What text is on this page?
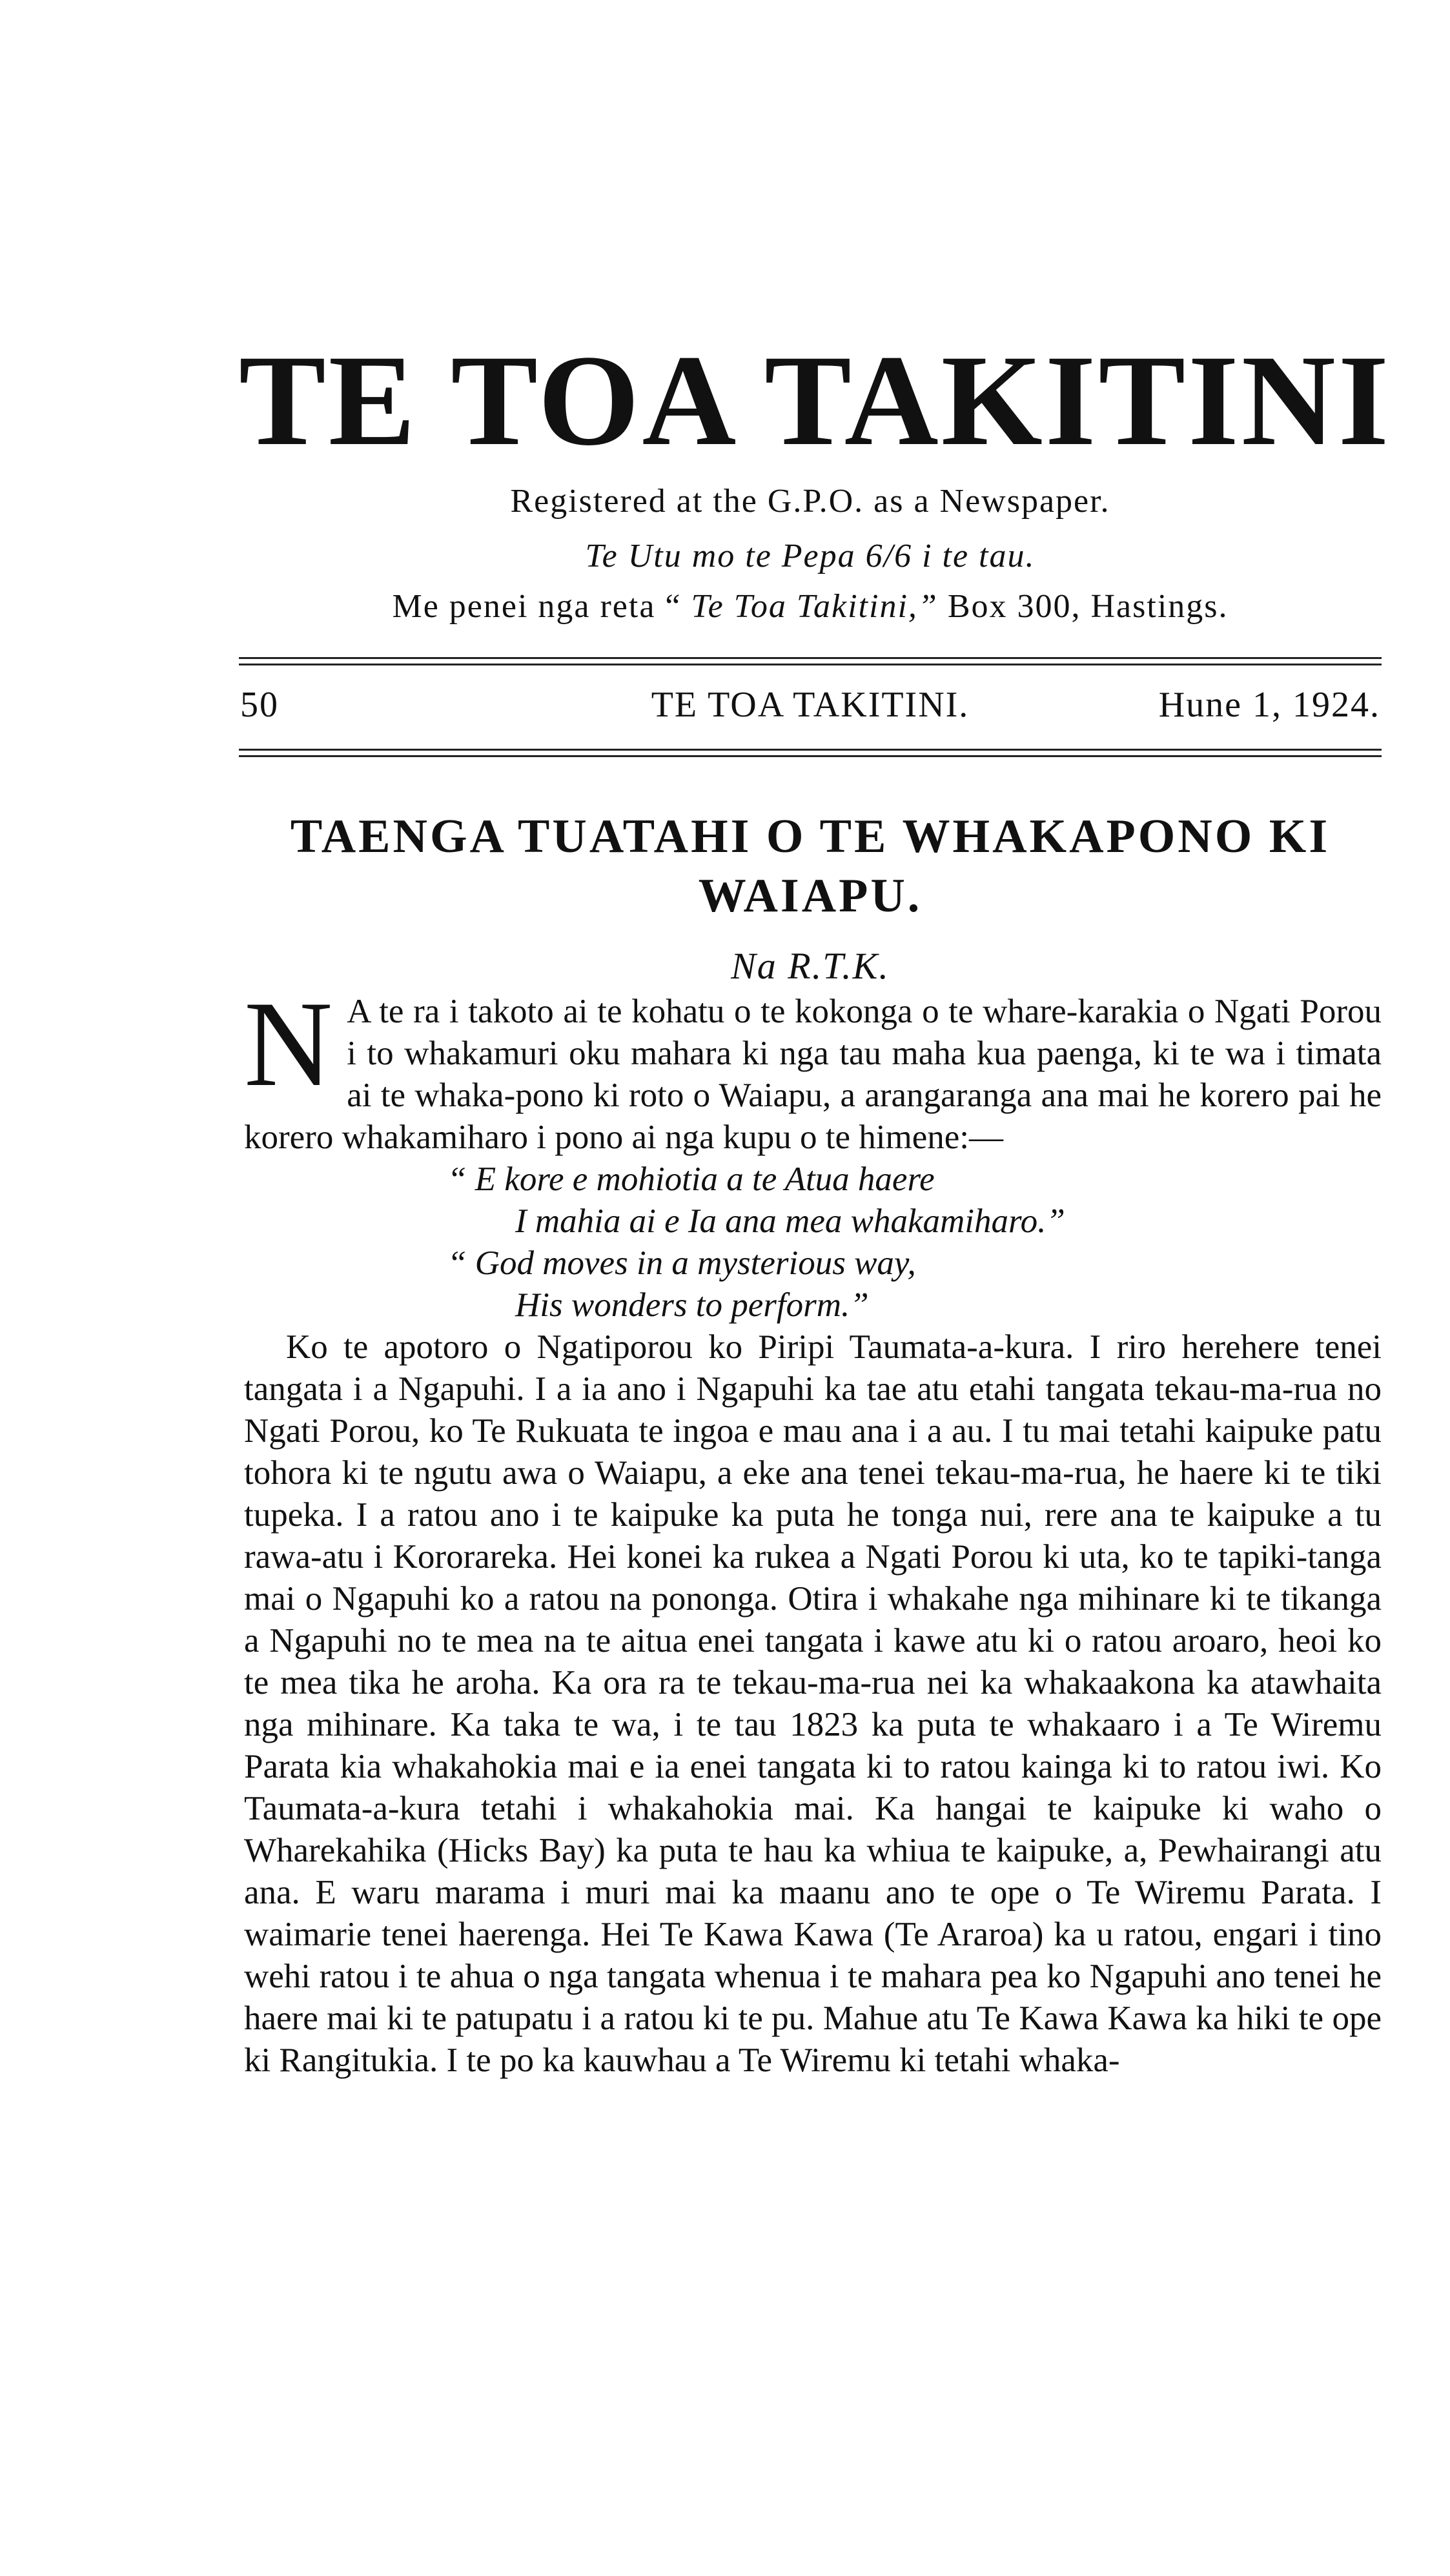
TE TOA TAKITINI
Registered at the G.P.O. as a Newspaper.
Te Utu mo te Pepa 6/6 i te tau.
Me penei nga reta “ Te Toa Takitini,” Box 300, Hastings.
50	TE TOA TAKITINI.	Hune 1, 1924.
TAENGA TUATAHI O TE WHAKAPONO KI WAIAPU.
Na R.T.K.

N A te ra i takoto ai te kohatu o te kokonga o te whare-karakia o Ngati Porou i to whakamuri oku mahara ki nga tau maha kua paenga, ki te wa i timata ai te whaka-pono ki roto o Waiapu, a arangaranga ana mai he korero pai he korero whakamiharo i pono ai nga kupu o te himene:—

“ E kore e mohiotia a te Atua haere
I mahia ai e Ia ana mea whakamiharo.”
“ God moves in a mysterious way,
His wonders to perform.”

Ko te apotoro o Ngatiporou ko Piripi Taumata-a-kura. I riro herehere tenei tangata i a Ngapuhi. I a ia ano i Ngapuhi ka tae atu etahi tangata tekau-ma-rua no Ngati Porou, ko Te Rukuata te ingoa e mau ana i a au. I tu mai tetahi kaipuke patu tohora ki te ngutu awa o Waiapu, a eke ana tenei tekau-ma-rua, he haere ki te tiki tupeka. I a ratou ano i te kaipuke ka puta he tonga nui, rere ana te kaipuke a tu rawa-atu i Kororareka. Hei konei ka rukea a Ngati Porou ki uta, ko te tapiki-tanga mai o Ngapuhi ko a ratou na pononga. Otira i whakahe nga mihinare ki te tikanga a Ngapuhi no te mea na te aitua enei tangata i kawe atu ki o ratou aroaro, heoi ko te mea tika he aroha. Ka ora ra te tekau-ma-rua nei ka whakaakona ka atawhaita nga mihinare. Ka taka te wa, i te tau 1823 ka puta te whakaaro i a Te Wiremu Parata kia whakahokia mai e ia enei tangata ki to ratou kainga ki to ratou iwi. Ko Taumata-a-kura tetahi i whakahokia mai. Ka hangai te kaipuke ki waho o Wharekahika (Hicks Bay) ka puta te hau ka whiua te kaipuke, a, Pewhairangi atu ana. E waru marama i muri mai ka maanu ano te ope o Te Wiremu Parata. I waimarie tenei haerenga. Hei Te Kawa Kawa (Te Araroa) ka u ratou, engari i tino wehi ratou i te ahua o nga tangata whenua i te mahara pea ko Ngapuhi ano tenei he haere mai ki te patupatu i a ratou ki te pu. Mahue atu Te Kawa Kawa ka hiki te ope ki Rangitukia. I te po ka kauwhau a Te Wiremu ki tetahi whaka-
